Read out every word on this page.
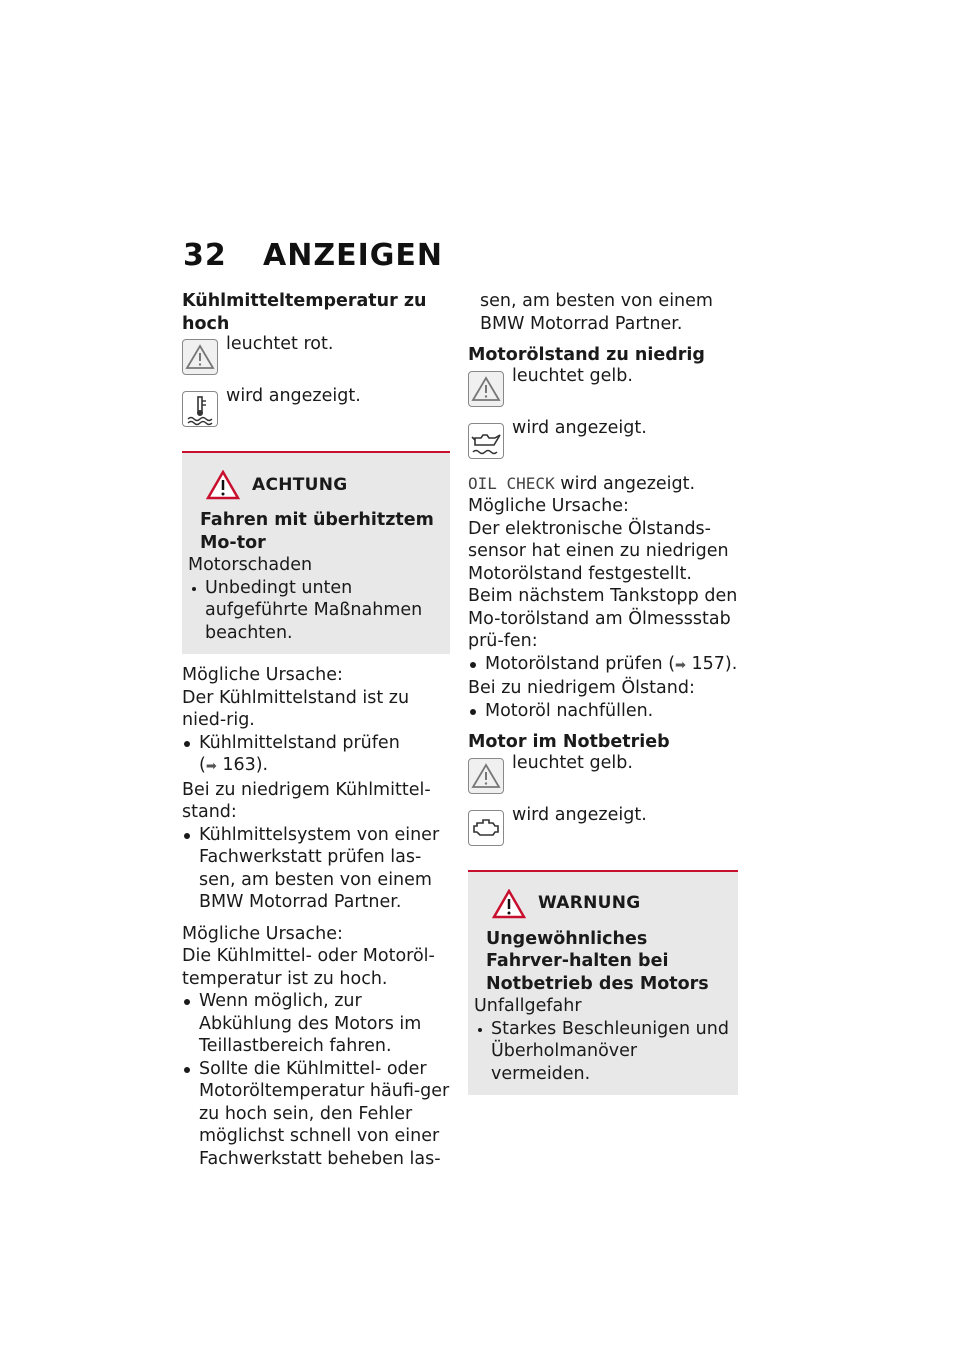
32 ANZEIGEN
Kühlmitteltemperatur zu hoch
leuchtet rot.
wird angezeigt.
ACHTUNG
Fahren mit überhitztem Mo-tor
Motorschaden
Unbedingt unten aufgeführte Maßnahmen beachten.
Mögliche Ursache:
Der Kühlmittelstand ist zu nied-rig.
Kühlmittelstand prüfen
(➡ 163).
Bei zu niedrigem Kühlmittel-stand:
Kühlmittelsystem von einer Fachwerkstatt prüfen las-sen, am besten von einem BMW Motorrad Partner.
Mögliche Ursache:
Die Kühlmittel- oder Motoröl-temperatur ist zu hoch.
Wenn möglich, zur Abkühlung des Motors im Teillastbereich fahren.
Sollte die Kühlmittel- oder Motoröltemperatur häufi-ger zu hoch sein, den Fehler möglichst schnell von einer Fachwerkstatt beheben las-
sen, am besten von einem BMW Motorrad Partner.
Motorölstand zu niedrig
leuchtet gelb.
wird angezeigt.
OIL CHECK wird angezeigt.
Mögliche Ursache:
Der elektronische Ölstands-sensor hat einen zu niedrigen Motorölstand festgestellt. Beim nächstem Tankstopp den Mo-torölstand am Ölmessstab prü-fen:
Motorölstand prüfen (➡ 157).
Bei zu niedrigem Ölstand:
Motoröl nachfüllen.
Motor im Notbetrieb
leuchtet gelb.
wird angezeigt.
WARNUNG
Ungewöhnliches Fahrver-halten bei Notbetrieb des Motors
Unfallgefahr
Starkes Beschleunigen und Überholmanöver vermeiden.
